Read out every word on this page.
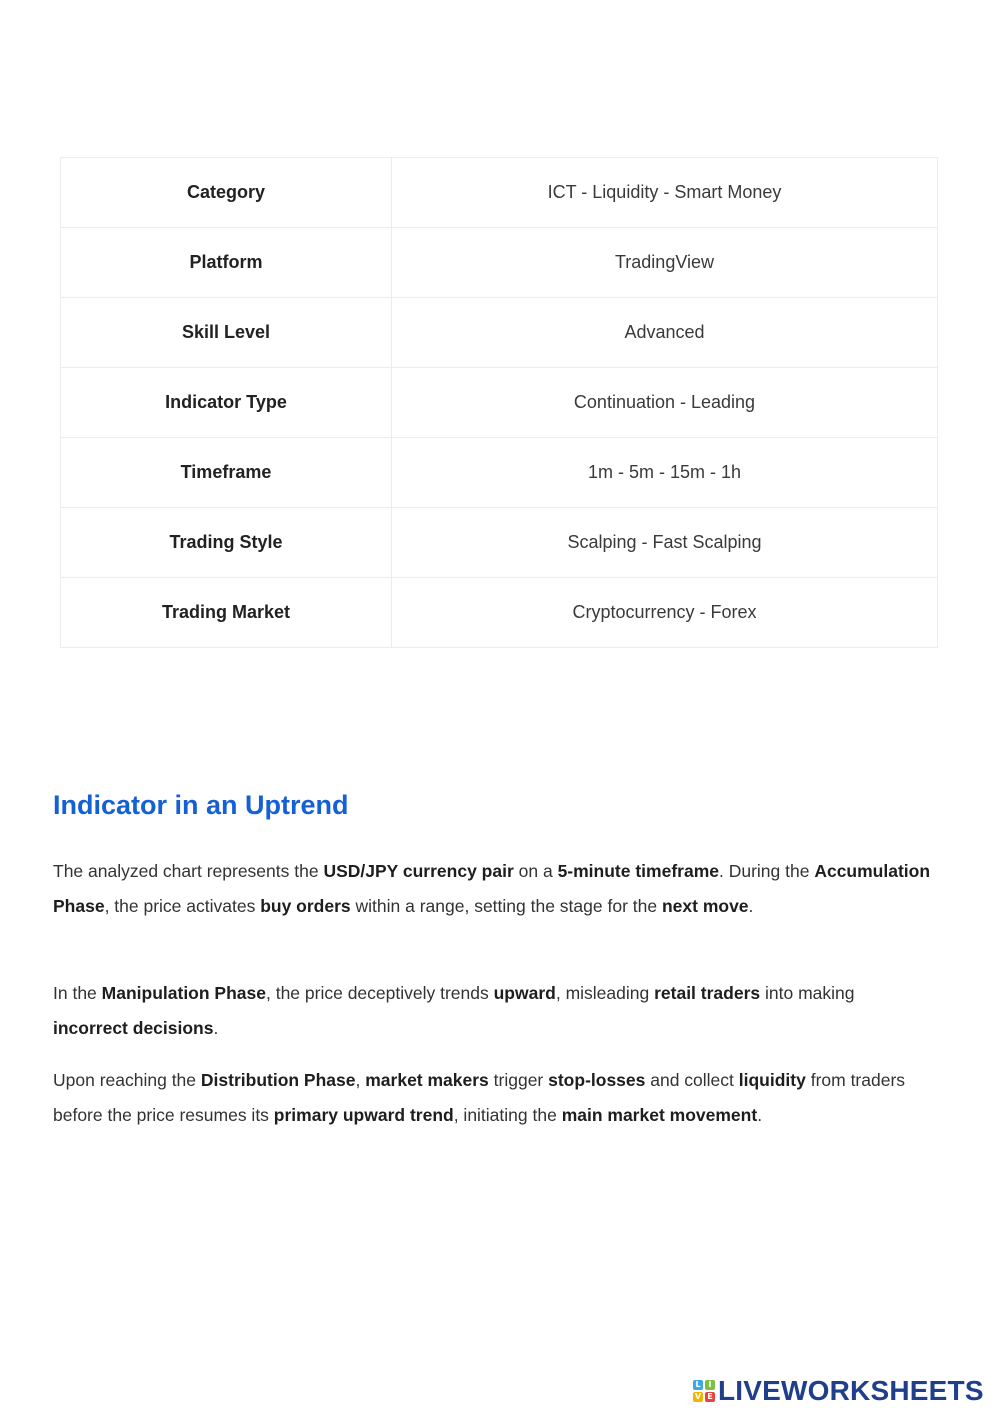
Category	ICT - Liquidity - Smart Money
Platform	TradingView
Skill Level	Advanced
Indicator Type	Continuation - Leading
Timeframe	1m - 5m - 15m - 1h
Trading Style	Scalping - Fast Scalping
Trading Market	Cryptocurrency - Forex
Indicator in an Uptrend

The analyzed chart represents the USD/JPY currency pair on a 5-minute timeframe. During the Accumulation Phase, the price activates buy orders within a range, setting the stage for the next move.

In the Manipulation Phase, the price deceptively trends upward, misleading retail traders into making incorrect decisions.

Upon reaching the Distribution Phase, market makers trigger stop-losses and collect liquidity from traders before the price resumes its primary upward trend, initiating the main market movement.

L I
V E LIVEWORKSHEETS
